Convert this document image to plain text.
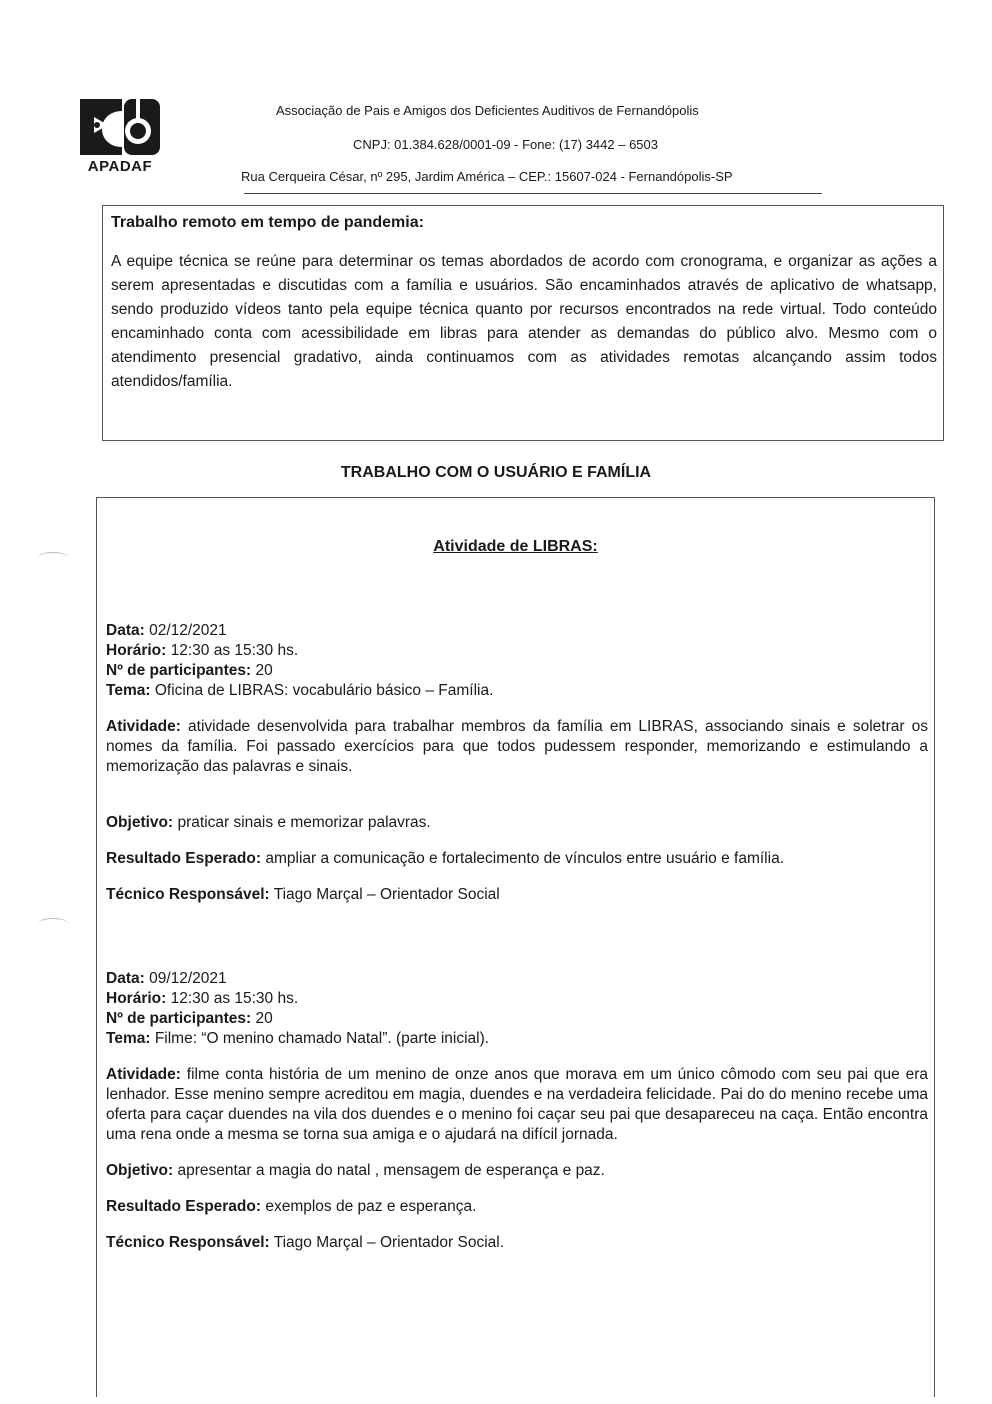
APADAF
Associação de Pais e Amigos dos Deficientes Auditivos de Fernandópolis
CNPJ: 01.384.628/0001-09 - Fone: (17) 3442 – 6503
Rua Cerqueira César, nº 295, Jardim América – CEP.: 15607-024 - Fernandópolis-SP
Trabalho remoto em tempo de pandemia:
A equipe técnica se reúne para determinar os temas abordados de acordo com cronograma, e organizar as ações a serem apresentadas e discutidas com a família e usuários. São encaminhados através de aplicativo de whatsapp, sendo produzido vídeos tanto pela equipe técnica quanto por recursos encontrados na rede virtual. Todo conteúdo encaminhado conta com acessibilidade em libras para atender as demandas do público alvo. Mesmo com o atendimento presencial gradativo, ainda continuamos com as atividades remotas alcançando assim todos atendidos/família.
TRABALHO COM O USUÁRIO E FAMÍLIA
Atividade de LIBRAS:
Data: 02/12/2021
Horário: 12:30 as 15:30 hs.
Nº de participantes: 20
Tema: Oficina de LIBRAS: vocabulário básico – Família.
Atividade: atividade desenvolvida para trabalhar membros da família em LIBRAS, associando sinais e soletrar os nomes da família. Foi passado exercícios para que todos pudessem responder, memorizando e estimulando a memorização das palavras e sinais.
Objetivo: praticar sinais e memorizar palavras.
Resultado Esperado: ampliar a comunicação e fortalecimento de vínculos entre usuário e família.
Técnico Responsável: Tiago Marçal – Orientador Social
Data: 09/12/2021
Horário: 12:30 as 15:30 hs.
Nº de participantes: 20
Tema: Filme: “O menino chamado Natal”. (parte inicial).
Atividade: filme conta história de um menino de onze anos que morava em um único cômodo com seu pai que era lenhador. Esse menino sempre acreditou em magia, duendes e na verdadeira felicidade. Pai do do menino recebe uma oferta para caçar duendes na vila dos duendes e o menino foi caçar seu pai que desapareceu na caça. Então encontra uma rena onde a mesma se torna sua amiga e o ajudará na difícil jornada.
Objetivo: apresentar a magia do natal , mensagem de esperança e paz.
Resultado Esperado: exemplos de paz e esperança.
Técnico Responsável: Tiago Marçal – Orientador Social.
